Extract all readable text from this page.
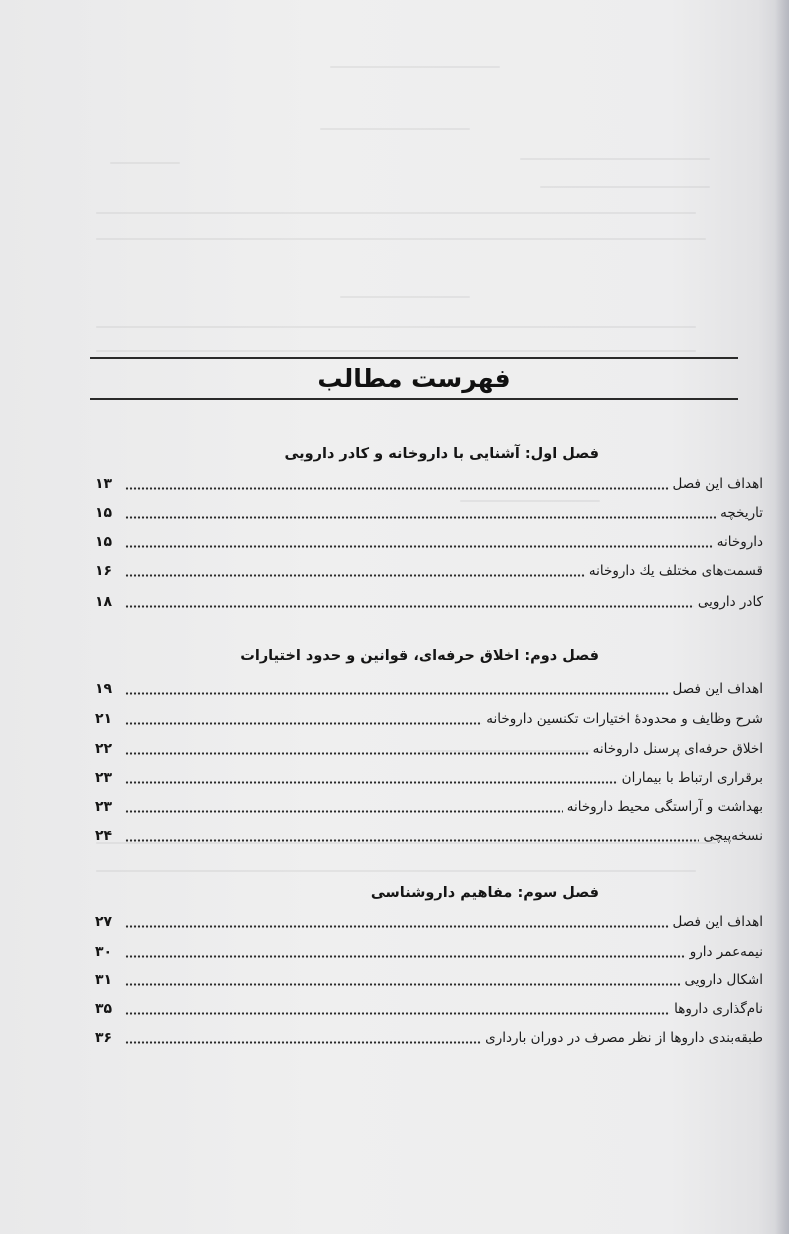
فهرست مطالب
فصل اول: آشنایی با داروخانه و کادر دارویی
اهداف این فصل
۱۳
تاریخچه
۱۵
داروخانه
۱۵
قسمت‌های مختلف یك داروخانه
۱۶
کادر دارویی
۱۸
فصل دوم: اخلاق حرفه‌ای، قوانین و حدود اختیارات
اهداف این فصل
۱۹
شرح وظایف و محدودهٔ اختیارات تکنسین داروخانه
۲۱
اخلاق حرفه‌ای پرسنل داروخانه
۲۲
برقراری ارتباط با بیماران
۲۳
بهداشت و آراستگی محیط داروخانه
۲۳
نسخه‌پیچی
۲۴
فصل سوم: مفاهیم داروشناسی
اهداف این فصل
۲۷
نیمه‌عمر دارو
۳۰
اشکال دارویی
۳۱
نام‌گذاری داروها
۳۵
طبقه‌بندی داروها از نظر مصرف در دوران بارداری
۳۶
